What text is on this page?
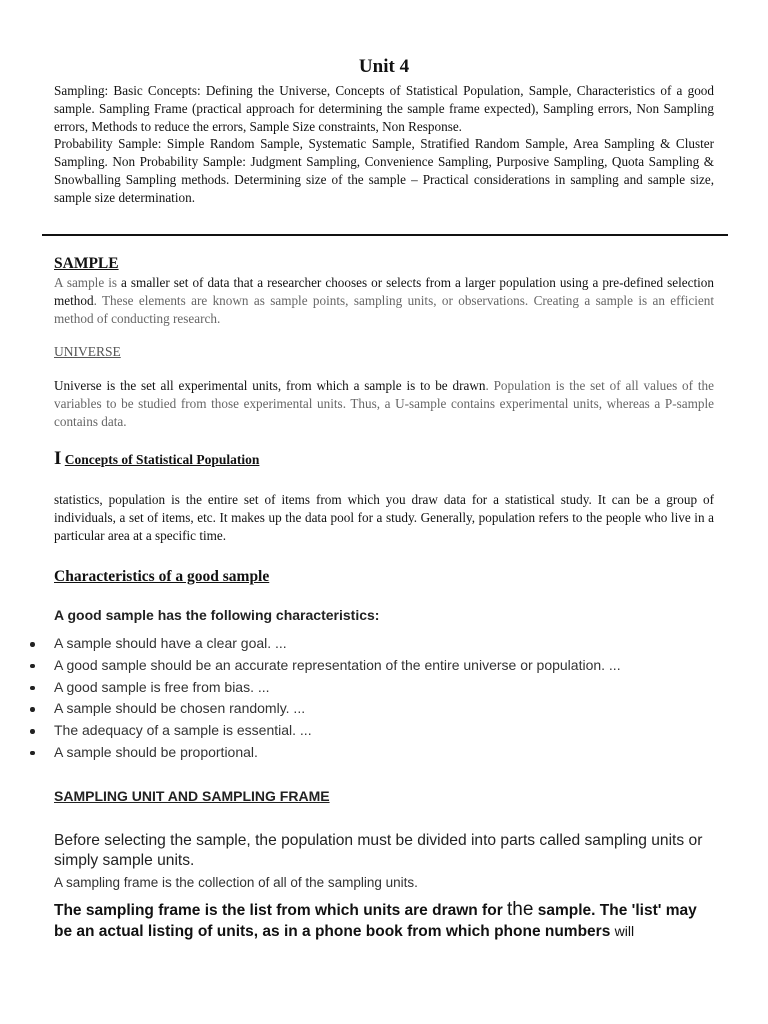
Unit 4

Sampling: Basic Concepts: Defining the Universe, Concepts of Statistical Population, Sample, Characteristics of a good sample. Sampling Frame (practical approach for determining the sample frame expected), Sampling errors, Non Sampling errors, Methods to reduce the errors, Sample Size constraints, Non Response.

Probability Sample: Simple Random Sample, Systematic Sample, Stratified Random Sample, Area Sampling & Cluster Sampling. Non Probability Sample: Judgment Sampling, Convenience Sampling, Purposive Sampling, Quota Sampling & Snowballing Sampling methods. Determining size of the sample – Practical considerations in sampling and sample size, sample size determination.

SAMPLE

A sample is a smaller set of data that a researcher chooses or selects from a larger population using a pre-defined selection method. These elements are known as sample points, sampling units, or observations. Creating a sample is an efficient method of conducting research.

UNIVERSE

Universe is the set all experimental units, from which a sample is to be drawn. Population is the set of all values of the variables to be studied from those experimental units. Thus, a U-sample contains experimental units, whereas a P-sample contains data.

I Concepts of Statistical Population

statistics, population is the entire set of items from which you draw data for a statistical study. It can be a group of individuals, a set of items, etc. It makes up the data pool for a study. Generally, population refers to the people who live in a particular area at a specific time.

Characteristics of a good sample

A good sample has the following characteristics:

A sample should have a clear goal. ...
A good sample should be an accurate representation of the entire universe or population. ...
A good sample is free from bias. ...
A sample should be chosen randomly. ...
The adequacy of a sample is essential. ...
A sample should be proportional.
SAMPLING UNIT AND SAMPLING FRAME

Before selecting the sample, the population must be divided into parts called sampling units or simply sample units.

A sampling frame is the collection of all of the sampling units.

The sampling frame is the list from which units are drawn for the sample. The 'list' may be an actual listing of units, as in a phone book from which phone numbers will
